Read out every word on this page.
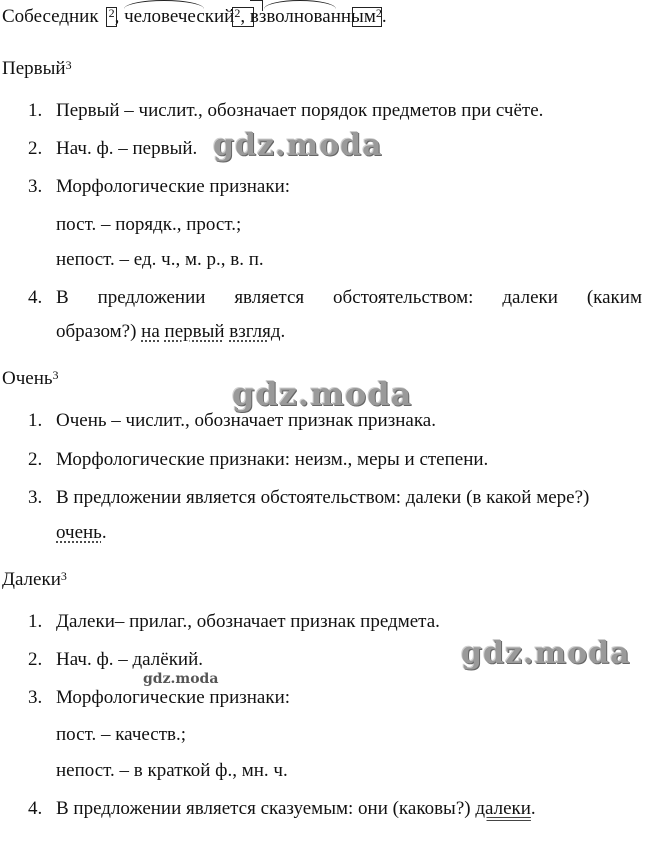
Собеседник $^2$,
человеческий
$^2$,
взволнованным
$^2$.
Первый$^3$
1. Первый – числит., обозначает порядок предметов при счёте.
2. Нач. ф. – первый.
3. Морфологические признаки:
пост. – порядк., прост.;
непост. – ед. ч., м. р., в. п.
4. В предложении является обстоятельством: далеки (каким
образом?) на первый взгляд.
Очень$^3$
1. Очень – числит., обозначает признак признака.
2. Морфологические признаки: неизм., меры и степени.
3. В предложении является обстоятельством: далеки (в какой мере?)
очень.
Далеки$^3$
1. Далеки– прилаг., обозначает признак предмета.
2. Нач. ф. – далёкий.
3. Морфологические признаки:
пост. – качеств.;
непост. – в краткой ф., мн. ч.
4. В предложении является сказуемым: они (каковы?) далеки.
gdz.moda
gdz.moda
gdz.moda
gdz.moda
